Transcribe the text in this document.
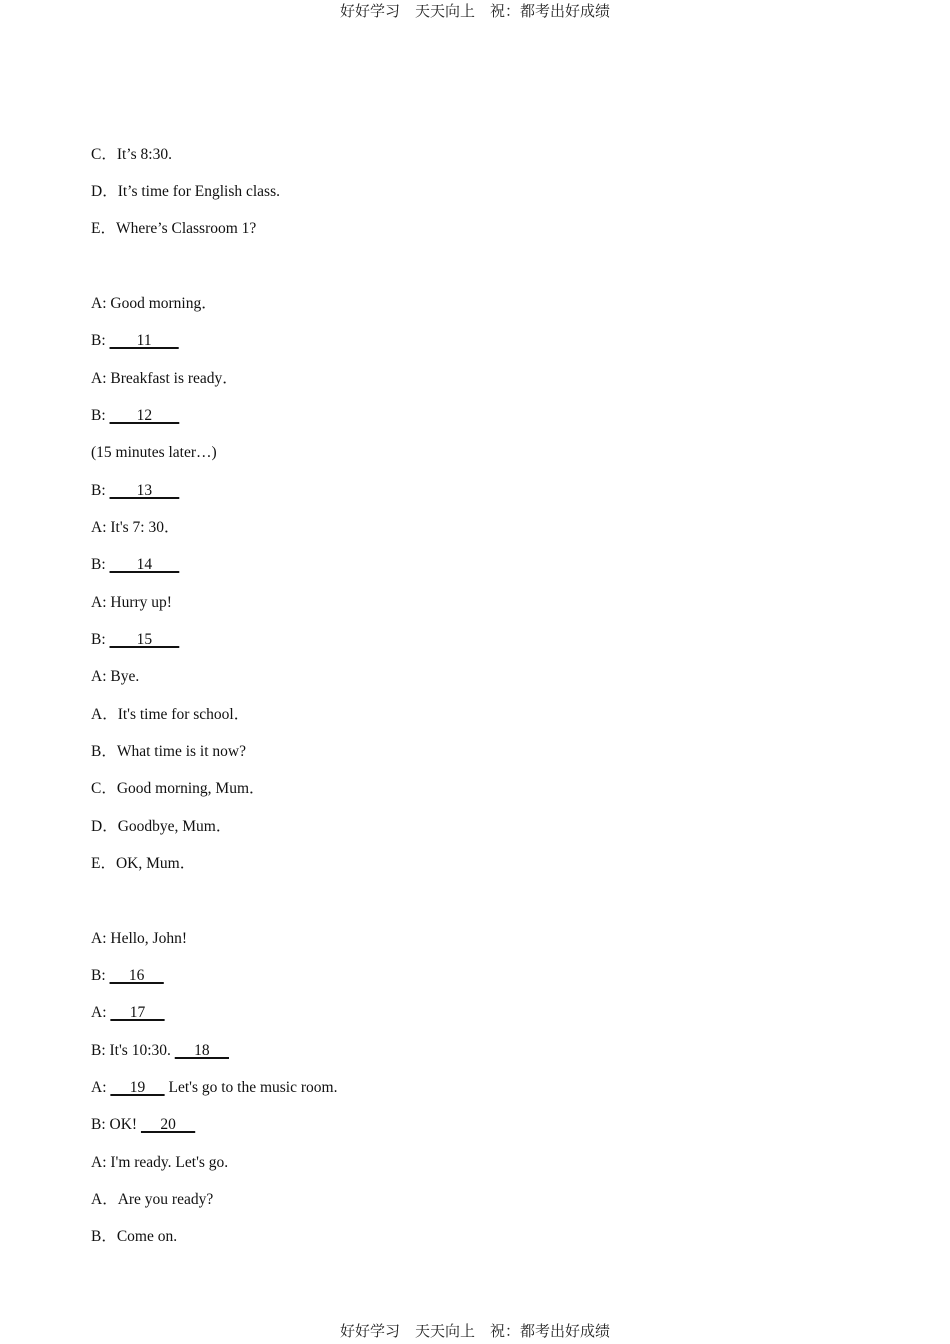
好好学习　天天向上　祝：都考出好成绩
C．It’s 8:30.
D．It’s time for English class.
E．Where’s Classroom 1?
A: Good morning．
B:        11
A: Breakfast is ready．
B:        12
(15 minutes later…)
B:        13
A: It's 7: 30．
B:        14
A: Hurry up!
B:        15
A: Bye.
A．It's time for school．
B．What time is it now?
C．Good morning, Mum．
D．Goodbye, Mum．
E．OK, Mum．
A: Hello, John!
B:      16
A:      17
B: It's 10:30.      18
A:      19      Let's go to the music room.
B: OK!      20
A: I'm ready. Let's go.
A．Are you ready?
B．Come on.
好好学习　天天向上　祝：都考出好成绩
